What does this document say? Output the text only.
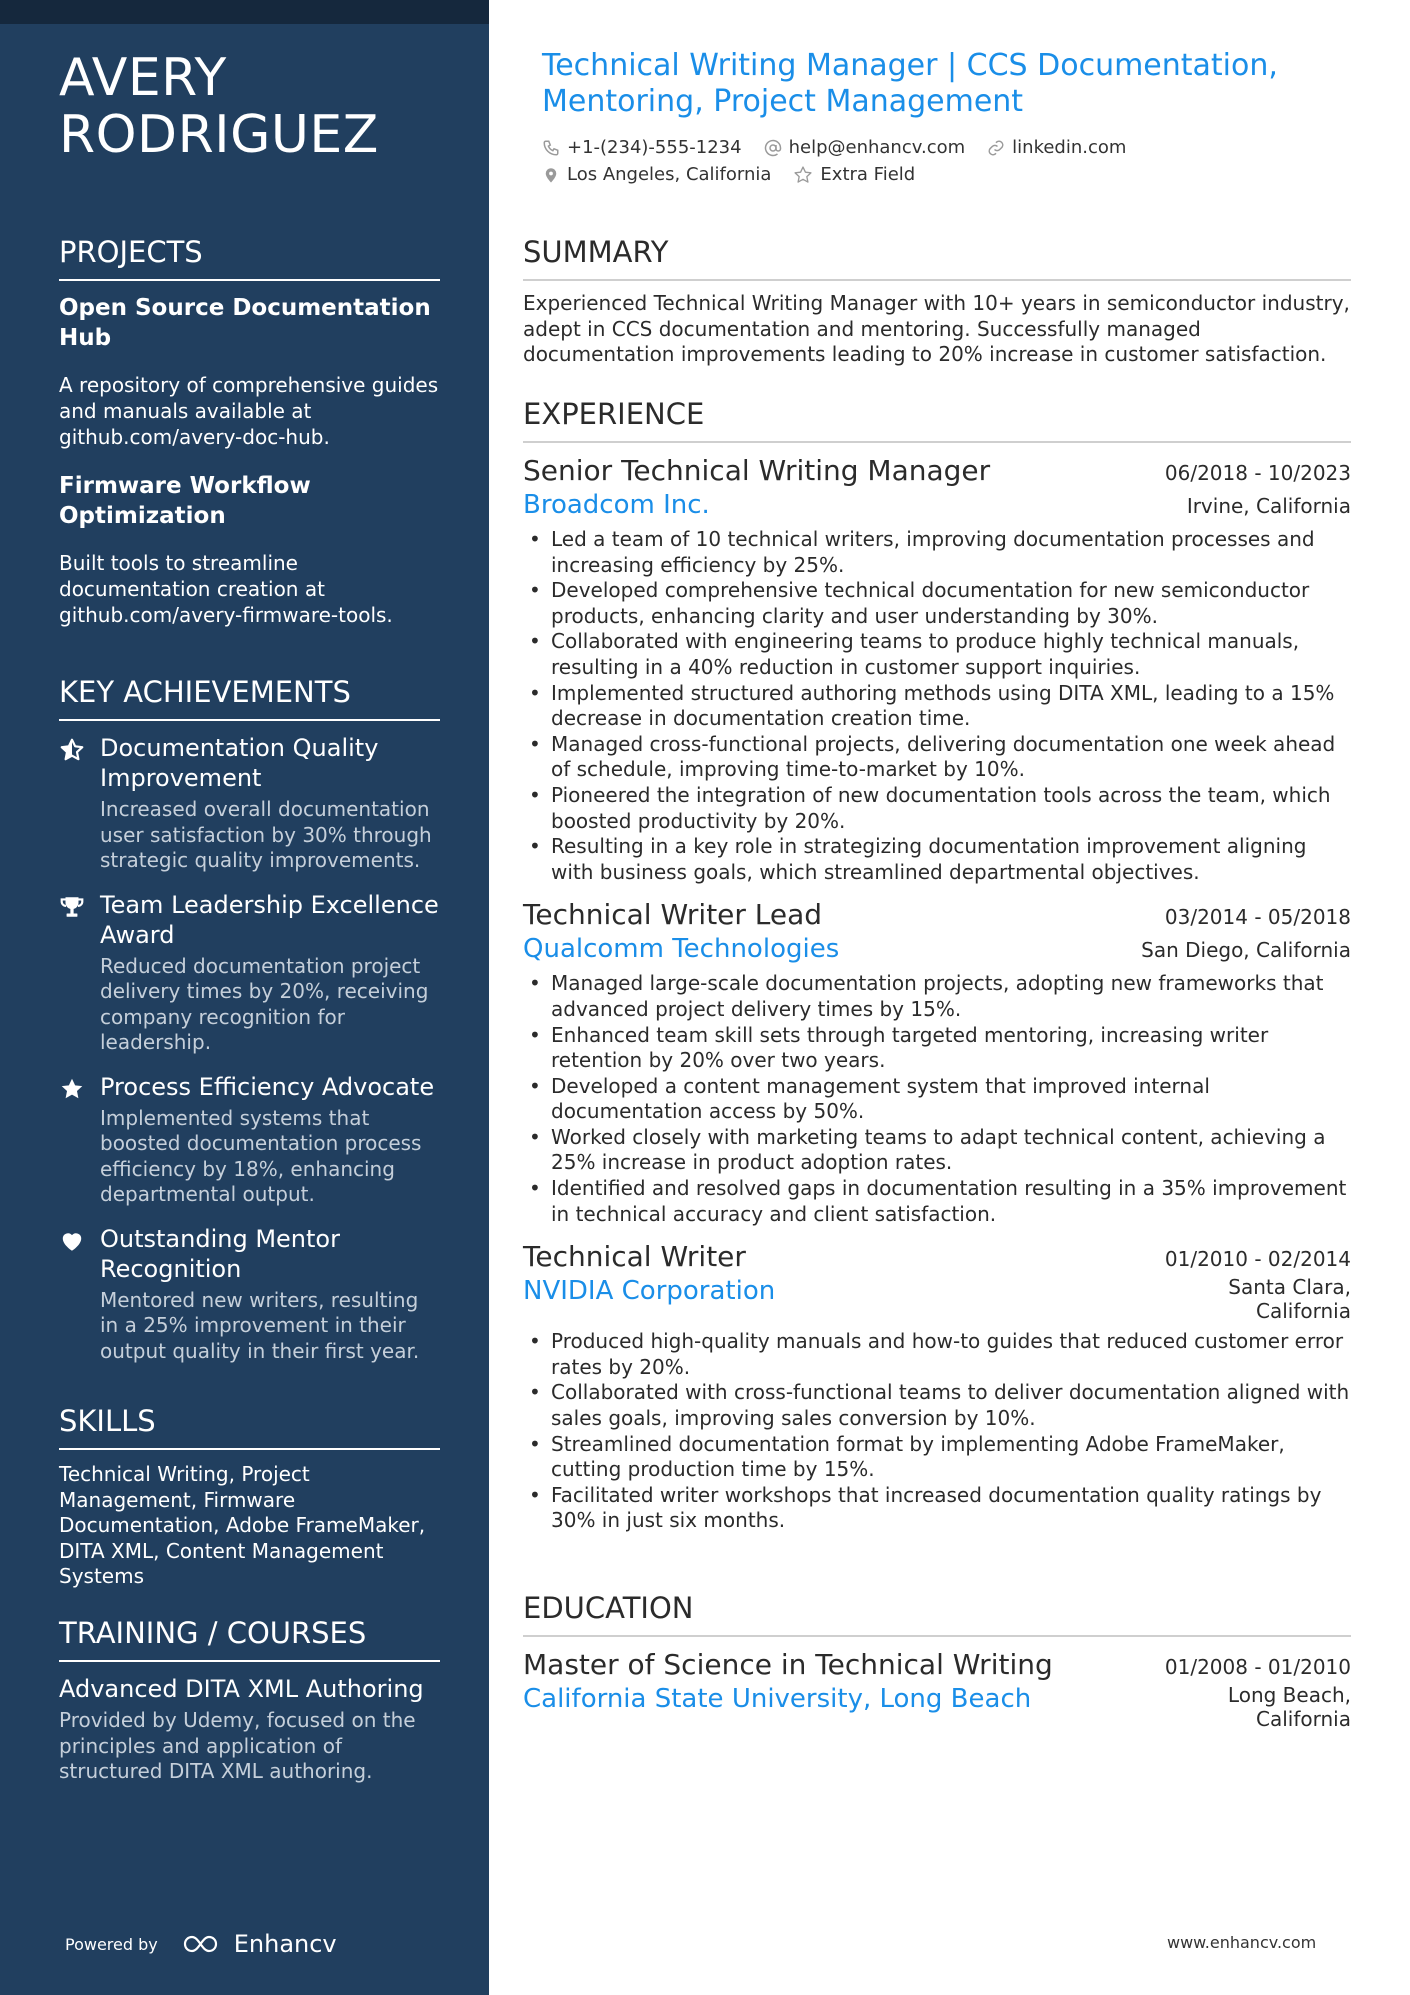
AVERY
RODRIGUEZ
PROJECTS
Open Source Documentation Hub
A repository of comprehensive guides and manuals available at github.com/avery-doc-hub.
Firmware Workflow Optimization
Built tools to streamline documentation creation at github.com/avery-firmware-tools.
KEY ACHIEVEMENTS
Documentation Quality Improvement
Increased overall documentation user satisfaction by 30% through strategic quality improvements.
Team Leadership Excellence Award
Reduced documentation project delivery times by 20%, receiving company recognition for leadership.
Process Efficiency Advocate
Implemented systems that boosted documentation process efficiency by 18%, enhancing departmental output.
Outstanding Mentor Recognition
Mentored new writers, resulting in a 25% improvement in their output quality in their first year.
SKILLS
Technical Writing, Project Management, Firmware Documentation, Adobe FrameMaker, DITA XML, Content Management Systems
TRAINING / COURSES
Advanced DITA XML Authoring
Provided by Udemy, focused on the principles and application of structured DITA XML authoring.
Powered by	Enhancv
Technical Writing Manager | CCS Documentation, Mentoring, Project Management
+1-(234)-555-1234	help@enhancv.com	linkedin.com
Los Angeles, California	Extra Field
SUMMARY
Experienced Technical Writing Manager with 10+ years in semiconductor industry, adept in CCS documentation and mentoring. Successfully managed documentation improvements leading to 20% increase in customer satisfaction.
EXPERIENCE
Senior Technical Writing Manager	06/2018 - 10/2023
Broadcom Inc.	Irvine, California
• Led a team of 10 technical writers, improving documentation processes and increasing efficiency by 25%.
• Developed comprehensive technical documentation for new semiconductor products, enhancing clarity and user understanding by 30%.
• Collaborated with engineering teams to produce highly technical manuals, resulting in a 40% reduction in customer support inquiries.
• Implemented structured authoring methods using DITA XML, leading to a 15% decrease in documentation creation time.
• Managed cross-functional projects, delivering documentation one week ahead of schedule, improving time-to-market by 10%.
• Pioneered the integration of new documentation tools across the team, which boosted productivity by 20%.
• Resulting in a key role in strategizing documentation improvement aligning with business goals, which streamlined departmental objectives.
Technical Writer Lead	03/2014 - 05/2018
Qualcomm Technologies	San Diego, California
• Managed large-scale documentation projects, adopting new frameworks that advanced project delivery times by 15%.
• Enhanced team skill sets through targeted mentoring, increasing writer retention by 20% over two years.
• Developed a content management system that improved internal documentation access by 50%.
• Worked closely with marketing teams to adapt technical content, achieving a 25% increase in product adoption rates.
• Identified and resolved gaps in documentation resulting in a 35% improvement in technical accuracy and client satisfaction.
Technical Writer	01/2010 - 02/2014
NVIDIA Corporation	Santa Clara, California
• Produced high-quality manuals and how-to guides that reduced customer error rates by 20%.
• Collaborated with cross-functional teams to deliver documentation aligned with sales goals, improving sales conversion by 10%.
• Streamlined documentation format by implementing Adobe FrameMaker, cutting production time by 15%.
• Facilitated writer workshops that increased documentation quality ratings by 30% in just six months.
EDUCATION
Master of Science in Technical Writing	01/2008 - 01/2010
California State University, Long Beach	Long Beach, California
www.enhancv.com
